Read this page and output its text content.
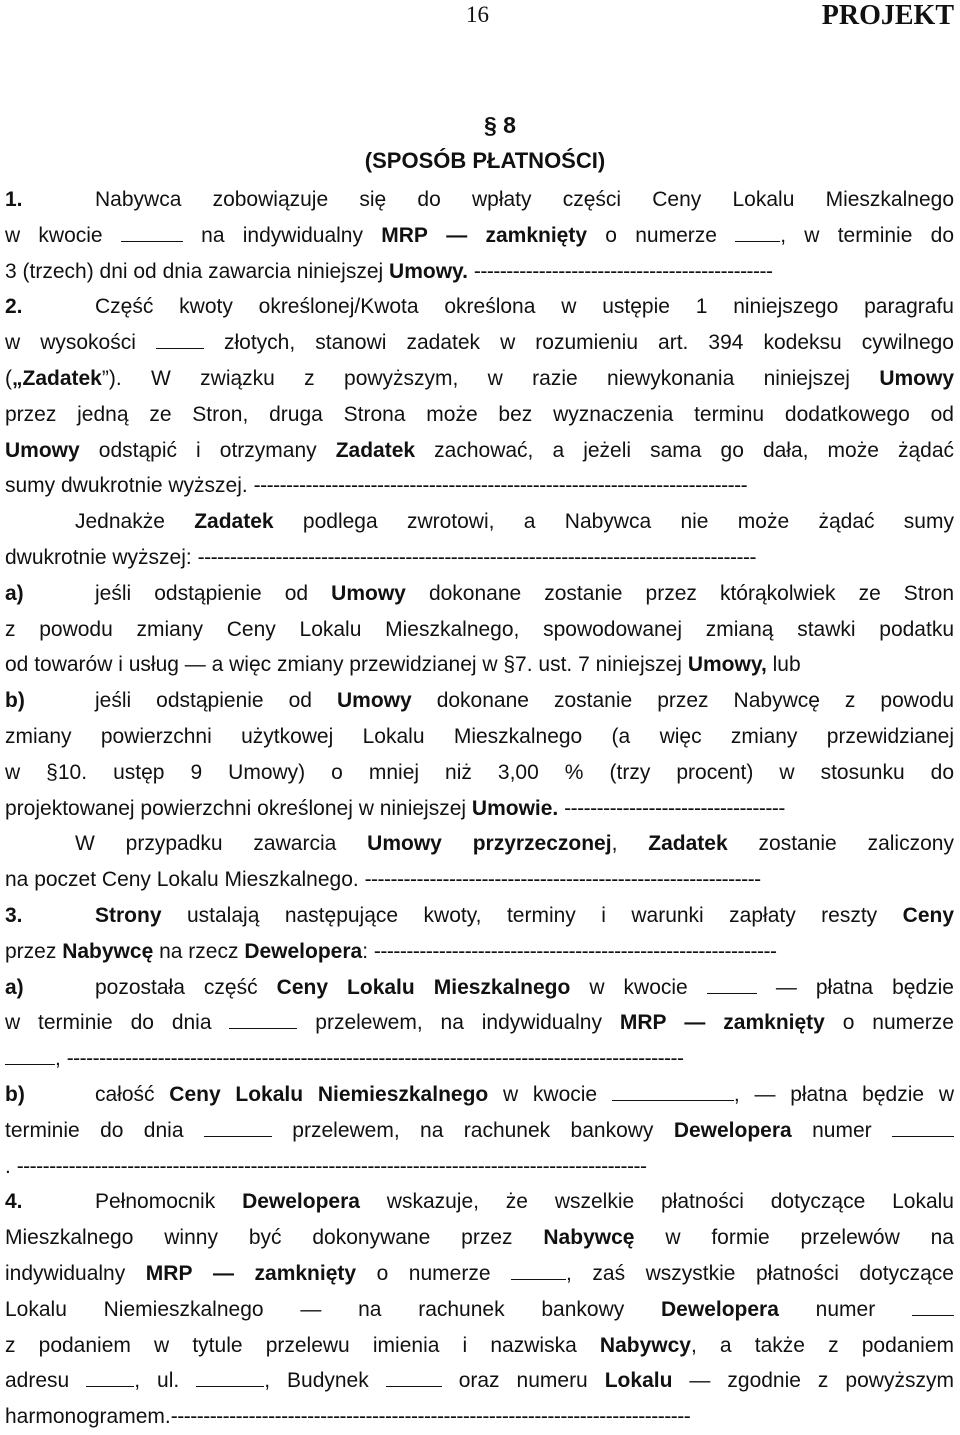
16	PROJEKT
§ 8
(SPOSÓB PŁATNOŚCI)
1.	Nabywca zobowiązuje się do wpłaty części Ceny Lokalu Mieszkalnego
w kwocie	na indywidualny MRP — zamknięty o numerze	, w terminie do
3 (trzech) dni od dnia zawarcia niniejszej Umowy. ----------------------------------------------
2.	Część kwoty określonej/Kwota określona w ustępie 1 niniejszego paragrafu
w wysokości	złotych, stanowi zadatek w rozumieniu art. 394 kodeksu cywilnego
(„Zadatek”). W związku z powyższym, w razie niewykonania niniejszej Umowy
przez jedną ze Stron, druga Strona może bez wyznaczenia terminu dodatkowego od
Umowy odstąpić i otrzymany Zadatek zachować, a jeżeli sama go dała, może żądać
sumy dwukrotnie wyższej. ----------------------------------------------------------------------------
Jednakże Zadatek podlega zwrotowi, a Nabywca nie może żądać sumy
dwukrotnie wyższej: --------------------------------------------------------------------------------------
a)	jeśli odstąpienie od Umowy dokonane zostanie przez którąkolwiek ze Stron
z powodu zmiany Ceny Lokalu Mieszkalnego, spowodowanej zmianą stawki podatku
od towarów i usług — a więc zmiany przewidzianej w §7. ust. 7 niniejszej Umowy, lub
b)	jeśli odstąpienie od Umowy dokonane zostanie przez Nabywcę z powodu
zmiany powierzchni użytkowej Lokalu Mieszkalnego (a więc zmiany przewidzianej
w §10. ustęp 9 Umowy) o mniej niż 3,00 % (trzy procent) w stosunku do
projektowanej powierzchni określonej w niniejszej Umowie. ----------------------------------
W przypadku zawarcia Umowy przyrzeczonej, Zadatek zostanie zaliczony
na poczet Ceny Lokalu Mieszkalnego. -------------------------------------------------------------
3.	Strony ustalają następujące kwoty, terminy i warunki zapłaty reszty Ceny
przez Nabywcę na rzecz Dewelopera: --------------------------------------------------------------
a)	pozostała część Ceny Lokalu Mieszkalnego w kwocie	— płatna będzie
w terminie do dnia	przelewem, na indywidualny MRP — zamknięty o numerze
, -----------------------------------------------------------------------------------------------
b)	całość Ceny Lokalu Niemieszkalnego w kwocie	, — płatna będzie w
terminie do dnia	przelewem, na rachunek bankowy Dewelopera numer
. -------------------------------------------------------------------------------------------------
4.	Pełnomocnik Dewelopera wskazuje, że wszelkie płatności dotyczące Lokalu
Mieszkalnego winny być dokonywane przez Nabywcę w formie przelewów na
indywidualny MRP — zamknięty o numerze	, zaś wszystkie płatności dotyczące
Lokalu Niemieszkalnego — na rachunek bankowy Dewelopera numer
z podaniem w tytule przelewu imienia i nazwiska Nabywcy, a także z podaniem
adresu	, ul.	, Budynek	oraz numeru Lokalu — zgodnie z powyższym
harmonogramem.--------------------------------------------------------------------------------
